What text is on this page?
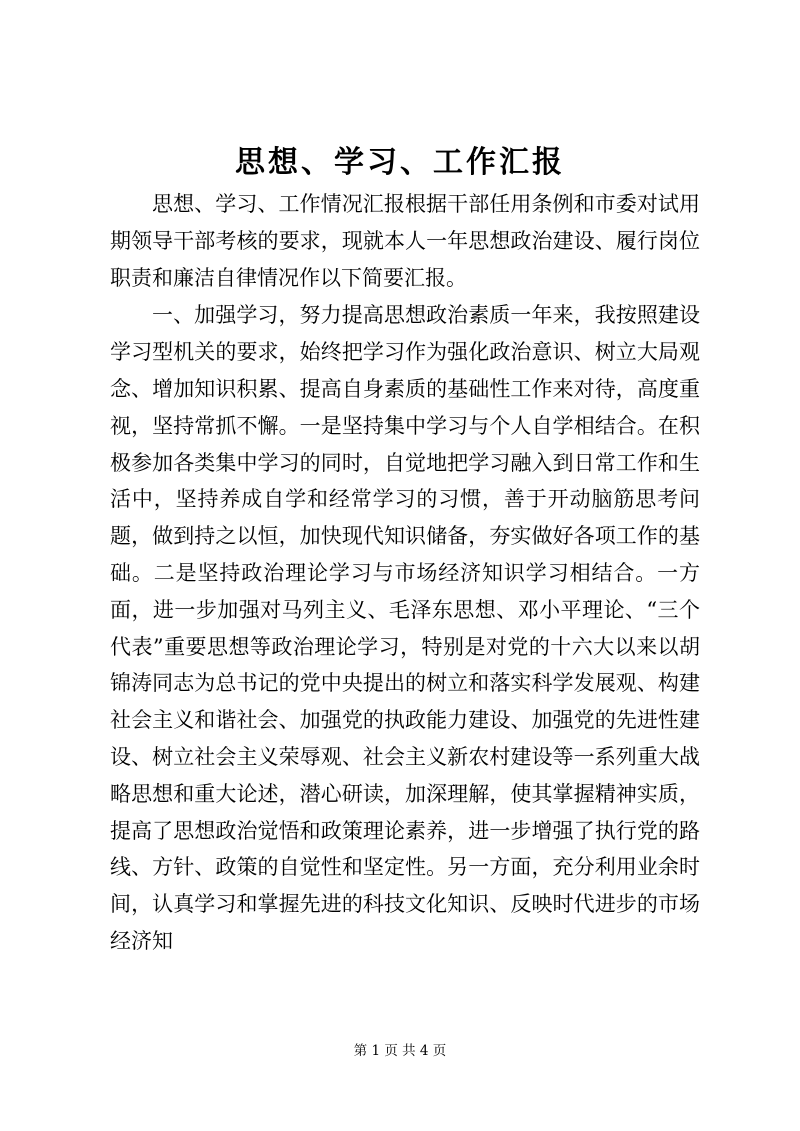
思想、学习、工作汇报

思想、学习、工作情况汇报根据干部任用条例和市委对试用期领导干部考核的要求，现就本人一年思想政治建设、履行岗位职责和廉洁自律情况作以下简要汇报。

一、加强学习，努力提高思想政治素质一年来，我按照建设学习型机关的要求，始终把学习作为强化政治意识、树立大局观念、增加知识积累、提高自身素质的基础性工作来对待，高度重视，坚持常抓不懈。一是坚持集中学习与个人自学相结合。在积极参加各类集中学习的同时，自觉地把学习融入到日常工作和生活中，坚持养成自学和经常学习的习惯，善于开动脑筋思考问题，做到持之以恒，加快现代知识储备，夯实做好各项工作的基础。二是坚持政治理论学习与市场经济知识学习相结合。一方面，进一步加强对马列主义、毛泽东思想、邓小平理论、“三个代表”重要思想等政治理论学习，特别是对党的十六大以来以胡锦涛同志为总书记的党中央提出的树立和落实科学发展观、构建社会主义和谐社会、加强党的执政能力建设、加强党的先进性建设、树立社会主义荣辱观、社会主义新农村建设等一系列重大战略思想和重大论述，潜心研读，加深理解，使其掌握精神实质，提高了思想政治觉悟和政策理论素养，进一步增强了执行党的路线、方针、政策的自觉性和坚定性。另一方面，充分利用业余时间，认真学习和掌握先进的科技文化知识、反映时代进步的市场经济知

第 1 页 共 4 页
